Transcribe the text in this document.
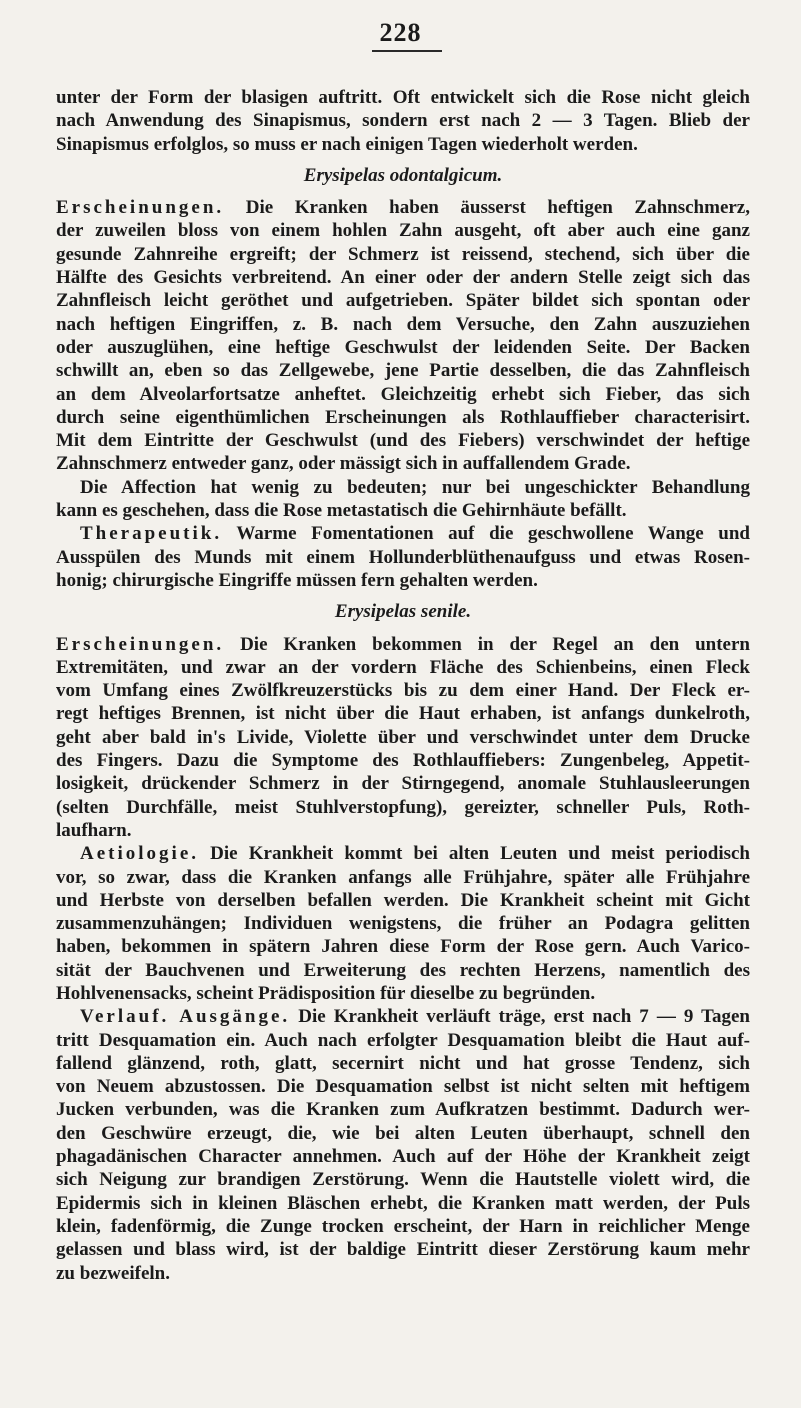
228
unter der Form der blasigen auftritt. Oft entwickelt sich die Rose nicht gleich
nach Anwendung des Sinapismus, sondern erst nach 2 — 3 Tagen. Blieb der
Sinapismus erfolglos, so muss er nach einigen Tagen wiederholt werden.
Erysipelas odontalgicum.
Erscheinungen. Die Kranken haben äusserst heftigen Zahnschmerz,
der zuweilen bloss von einem hohlen Zahn ausgeht, oft aber auch eine ganz
gesunde Zahnreihe ergreift; der Schmerz ist reissend, stechend, sich über die
Hälfte des Gesichts verbreitend. An einer oder der andern Stelle zeigt sich das
Zahnfleisch leicht geröthet und aufgetrieben. Später bildet sich spontan oder
nach heftigen Eingriffen, z. B. nach dem Versuche, den Zahn auszuziehen
oder auszuglühen, eine heftige Geschwulst der leidenden Seite. Der Backen
schwillt an, eben so das Zellgewebe, jene Partie desselben, die das Zahnfleisch
an dem Alveolarfortsatze anheftet. Gleichzeitig erhebt sich Fieber, das sich
durch seine eigenthümlichen Erscheinungen als Rothlauffieber characterisirt.
Mit dem Eintritte der Geschwulst (und des Fiebers) verschwindet der heftige
Zahnschmerz entweder ganz, oder mässigt sich in auffallendem Grade.
Die Affection hat wenig zu bedeuten; nur bei ungeschickter Behandlung
kann es geschehen, dass die Rose metastatisch die Gehirnhäute befällt.
Therapeutik. Warme Fomentationen auf die geschwollene Wange und
Ausspülen des Munds mit einem Hollunderblüthenaufguss und etwas Rosen-
honig; chirurgische Eingriffe müssen fern gehalten werden.
Erysipelas senile.
Erscheinungen. Die Kranken bekommen in der Regel an den untern
Extremitäten, und zwar an der vordern Fläche des Schienbeins, einen Fleck
vom Umfang eines Zwölfkreuzerstücks bis zu dem einer Hand. Der Fleck er-
regt heftiges Brennen, ist nicht über die Haut erhaben, ist anfangs dunkelroth,
geht aber bald in's Livide, Violette über und verschwindet unter dem Drucke
des Fingers. Dazu die Symptome des Rothlauffiebers: Zungenbeleg, Appetit-
losigkeit, drückender Schmerz in der Stirngegend, anomale Stuhlausleerungen
(selten Durchfälle, meist Stuhlverstopfung), gereizter, schneller Puls, Roth-
laufharn.
Aetiologie. Die Krankheit kommt bei alten Leuten und meist periodisch
vor, so zwar, dass die Kranken anfangs alle Frühjahre, später alle Frühjahre
und Herbste von derselben befallen werden. Die Krankheit scheint mit Gicht
zusammenzuhängen; Individuen wenigstens, die früher an Podagra gelitten
haben, bekommen in spätern Jahren diese Form der Rose gern. Auch Varico-
sität der Bauchvenen und Erweiterung des rechten Herzens, namentlich des
Hohlvenensacks, scheint Prädisposition für dieselbe zu begründen.
Verlauf. Ausgänge. Die Krankheit verläuft träge, erst nach 7 — 9 Tagen
tritt Desquamation ein. Auch nach erfolgter Desquamation bleibt die Haut auf-
fallend glänzend, roth, glatt, secernirt nicht und hat grosse Tendenz, sich
von Neuem abzustossen. Die Desquamation selbst ist nicht selten mit heftigem
Jucken verbunden, was die Kranken zum Aufkratzen bestimmt. Dadurch wer-
den Geschwüre erzeugt, die, wie bei alten Leuten überhaupt, schnell den
phagadänischen Character annehmen. Auch auf der Höhe der Krankheit zeigt
sich Neigung zur brandigen Zerstörung. Wenn die Hautstelle violett wird, die
Epidermis sich in kleinen Bläschen erhebt, die Kranken matt werden, der Puls
klein, fadenförmig, die Zunge trocken erscheint, der Harn in reichlicher Menge
gelassen und blass wird, ist der baldige Eintritt dieser Zerstörung kaum mehr
zu bezweifeln.
